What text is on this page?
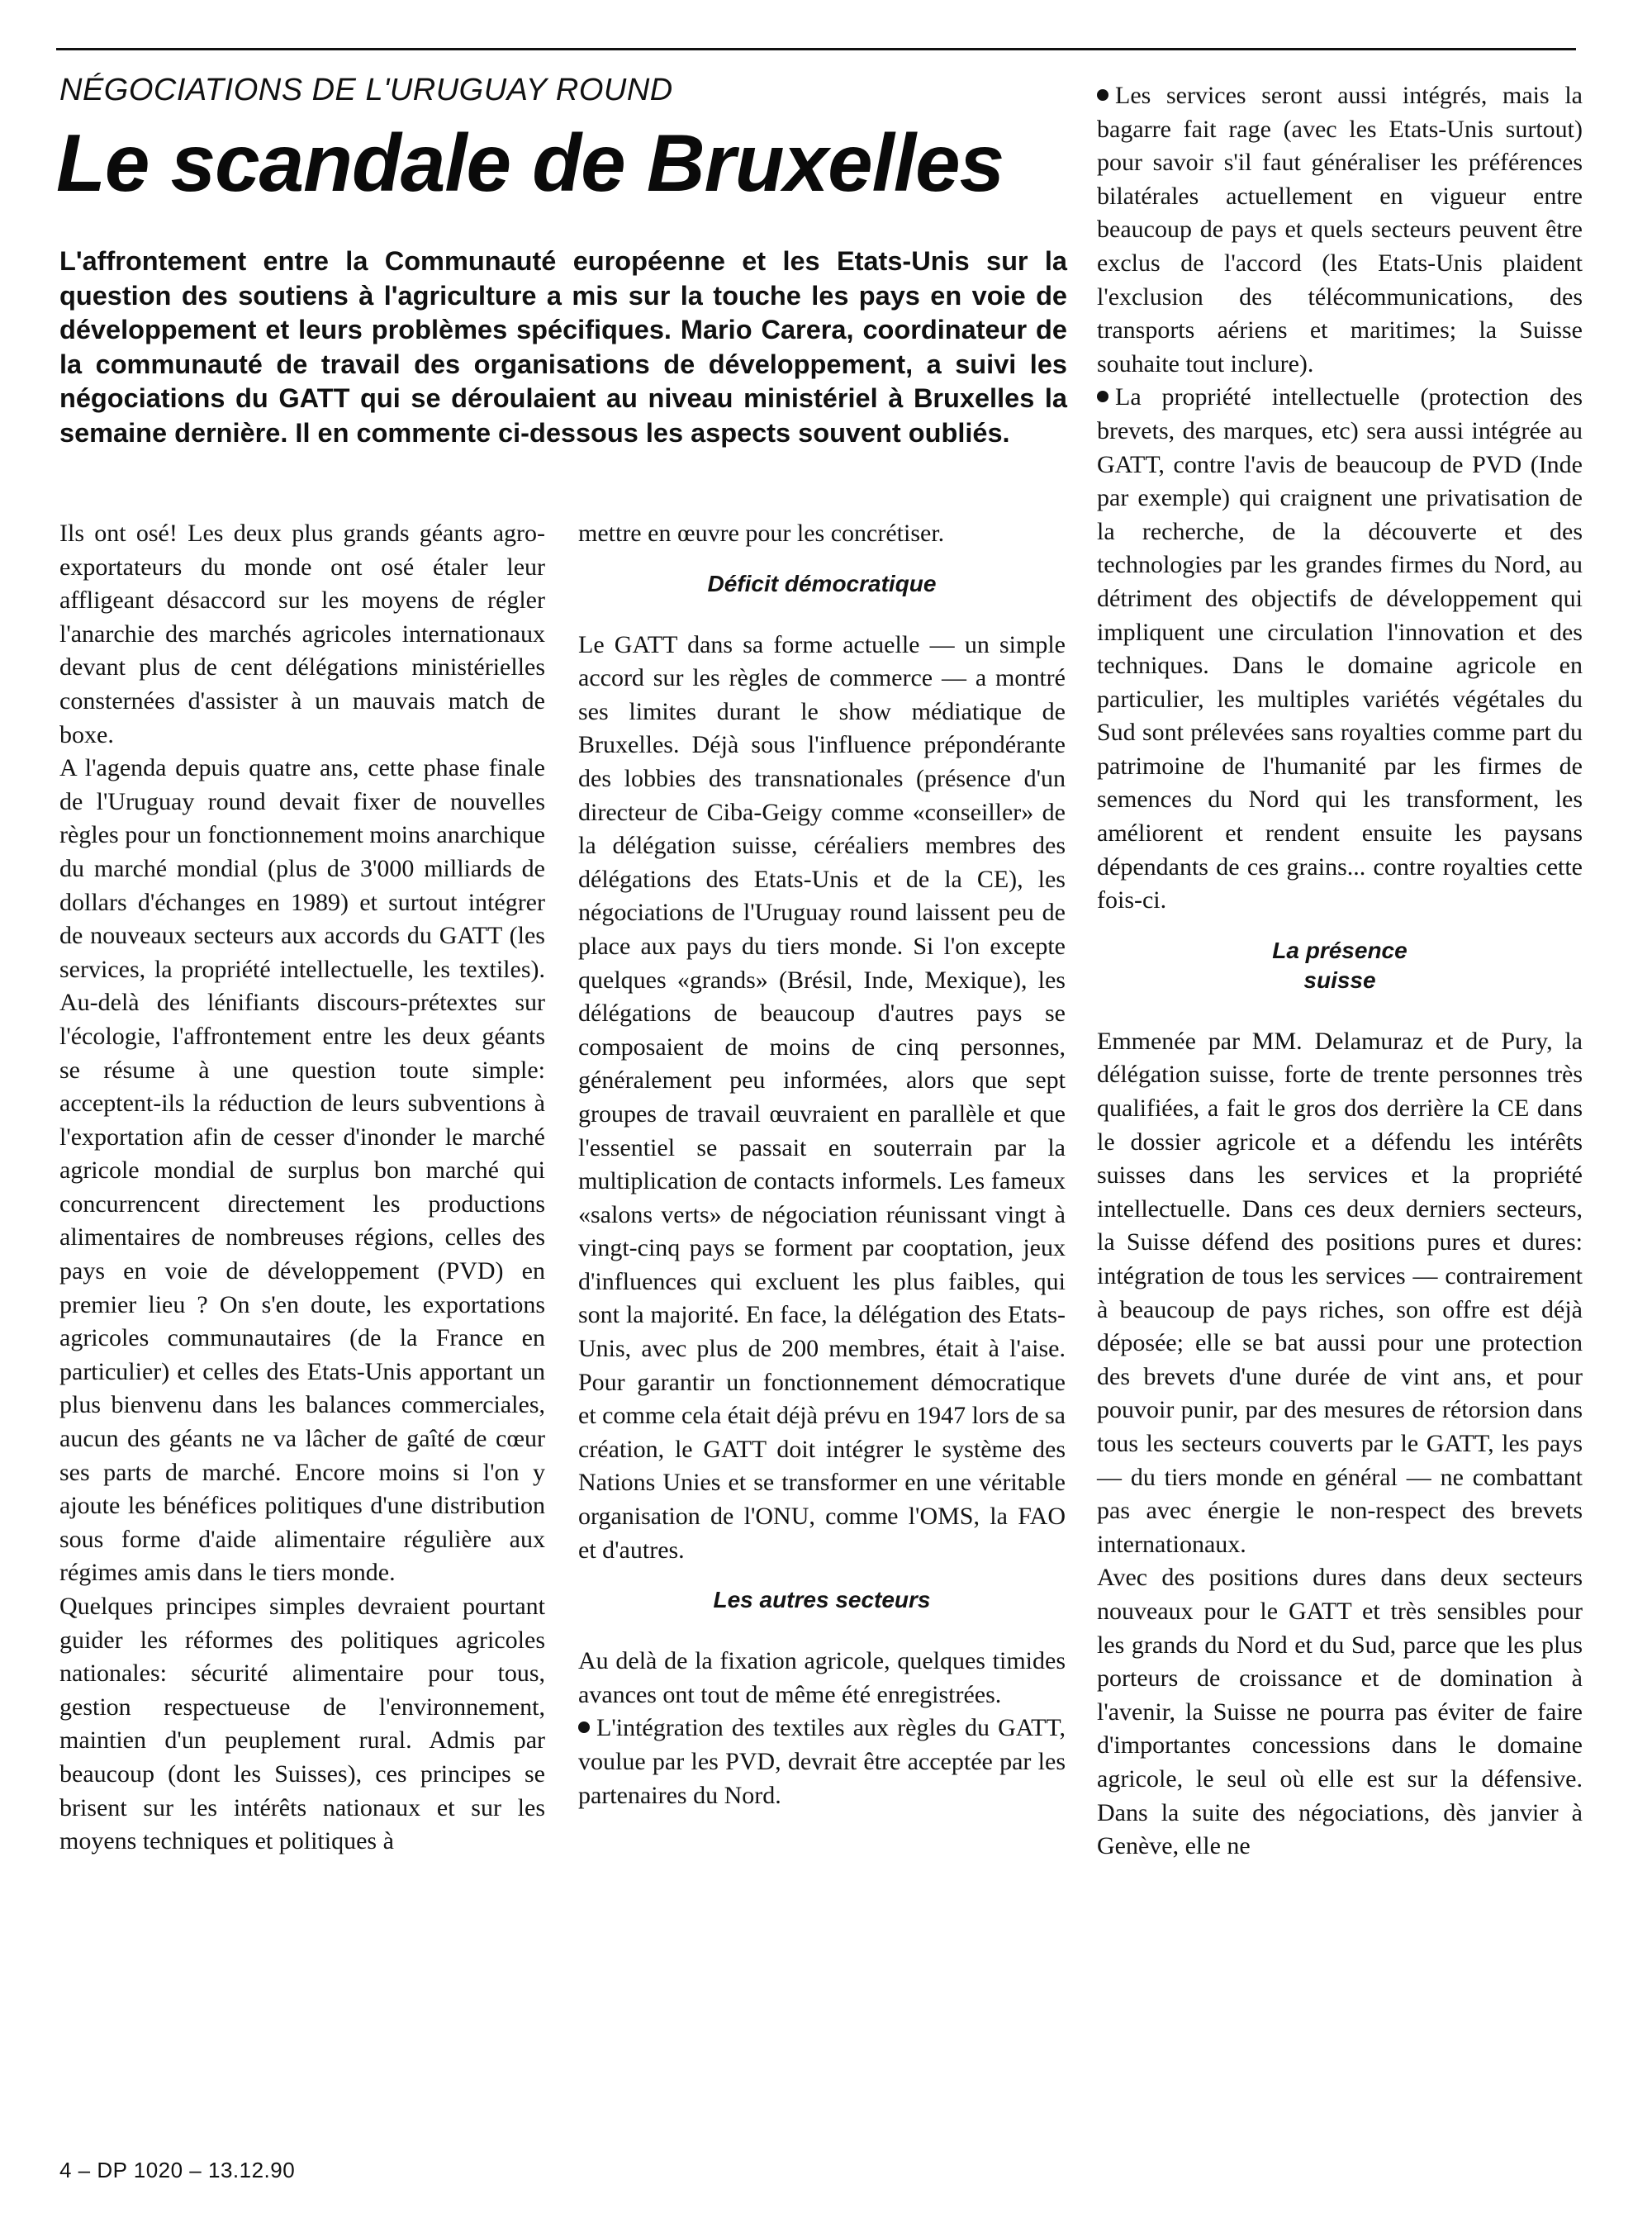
NÉGOCIATIONS DE L'URUGUAY ROUND
Le scandale de Bruxelles
L'affrontement entre la Communauté européenne et les Etats-Unis sur la question des soutiens à l'agriculture a mis sur la touche les pays en voie de développement et leurs problèmes spécifiques. Mario Carera, coordinateur de la communauté de travail des organisations de développement, a suivi les négociations du GATT qui se déroulaient au niveau ministériel à Bruxelles la semaine dernière. Il en commente ci-dessous les aspects souvent oubliés.

Ils ont osé! Les deux plus grands géants agro-exportateurs du monde ont osé étaler leur affligeant désaccord sur les moyens de régler l'anarchie des marchés agricoles internationaux devant plus de cent délégations ministérielles consternées d'assister à un mauvais match de boxe.

A l'agenda depuis quatre ans, cette phase finale de l'Uruguay round devait fixer de nouvelles règles pour un fonctionnement moins anarchique du marché mondial (plus de 3'000 milliards de dollars d'échanges en 1989) et surtout intégrer de nouveaux secteurs aux accords du GATT (les services, la propriété intellectuelle, les textiles). Au-delà des lénifiants discours-prétextes sur l'écologie, l'affrontement entre les deux géants se résume à une question toute simple: acceptent-ils la réduction de leurs subventions à l'exportation afin de cesser d'inonder le marché agricole mondial de surplus bon marché qui concurrencent directement les productions alimentaires de nombreuses régions, celles des pays en voie de développement (PVD) en premier lieu ? On s'en doute, les exportations agricoles communautaires (de la France en particulier) et celles des Etats-Unis apportant un plus bienvenu dans les balances commerciales, aucun des géants ne va lâcher de gaîté de cœur ses parts de marché. Encore moins si l'on y ajoute les bénéfices politiques d'une distribution sous forme d'aide alimentaire régulière aux régimes amis dans le tiers monde.

Quelques principes simples devraient pourtant guider les réformes des politiques agricoles nationales: sécurité alimentaire pour tous, gestion respectueuse de l'environnement, maintien d'un peuplement rural. Admis par beaucoup (dont les Suisses), ces principes se brisent sur les intérêts nationaux et sur les moyens techniques et politiques à

mettre en œuvre pour les concrétiser.

Déficit démocratique

Le GATT dans sa forme actuelle — un simple accord sur les règles de commerce — a montré ses limites durant le show médiatique de Bruxelles. Déjà sous l'influence prépondérante des lobbies des transnationales (présence d'un directeur de Ciba-Geigy comme «conseiller» de la délégation suisse, céréaliers membres des délégations des Etats-Unis et de la CE), les négociations de l'Uruguay round laissent peu de place aux pays du tiers monde. Si l'on excepte quelques «grands» (Brésil, Inde, Mexique), les délégations de beaucoup d'autres pays se composaient de moins de cinq personnes, généralement peu informées, alors que sept groupes de travail œuvraient en parallèle et que l'essentiel se passait en souterrain par la multiplication de contacts informels. Les fameux «salons verts» de négociation réunissant vingt à vingt-cinq pays se forment par cooptation, jeux d'influences qui excluent les plus faibles, qui sont la majorité. En face, la délégation des Etats-Unis, avec plus de 200 membres, était à l'aise. Pour garantir un fonctionnement démocratique et comme cela était déjà prévu en 1947 lors de sa création, le GATT doit intégrer le système des Nations Unies et se transformer en une véritable organisation de l'ONU, comme l'OMS, la FAO et d'autres.

Les autres secteurs

Au delà de la fixation agricole, quelques timides avances ont tout de même été enregistrées.

L'intégration des textiles aux règles du GATT, voulue par les PVD, devrait être acceptée par les partenaires du Nord.

Les services seront aussi intégrés, mais la bagarre fait rage (avec les Etats-Unis surtout) pour savoir s'il faut généraliser les préférences bilatérales actuellement en vigueur entre beaucoup de pays et quels secteurs peuvent être exclus de l'accord (les Etats-Unis plaident l'exclusion des télécommunications, des transports aériens et maritimes; la Suisse souhaite tout inclure).

La propriété intellectuelle (protection des brevets, des marques, etc) sera aussi intégrée au GATT, contre l'avis de beaucoup de PVD (Inde par exemple) qui craignent une privatisation de la recherche, de la découverte et des technologies par les grandes firmes du Nord, au détriment des objectifs de développement qui impliquent une circulation l'innovation et des techniques. Dans le domaine agricole en particulier, les multiples variétés végétales du Sud sont prélevées sans royalties comme part du patrimoine de l'humanité par les firmes de semences du Nord qui les transforment, les améliorent et rendent ensuite les paysans dépendants de ces grains... contre royalties cette fois-ci.

La présence
suisse

Emmenée par MM. Delamuraz et de Pury, la délégation suisse, forte de trente personnes très qualifiées, a fait le gros dos derrière la CE dans le dossier agricole et a défendu les intérêts suisses dans les services et la propriété intellectuelle. Dans ces deux derniers secteurs, la Suisse défend des positions pures et dures: intégration de tous les services — contrairement à beaucoup de pays riches, son offre est déjà déposée; elle se bat aussi pour une protection des brevets d'une durée de vint ans, et pour pouvoir punir, par des mesures de rétorsion dans tous les secteurs couverts par le GATT, les pays — du tiers monde en général — ne combattant pas avec énergie le non-respect des brevets internationaux.

Avec des positions dures dans deux secteurs nouveaux pour le GATT et très sensibles pour les grands du Nord et du Sud, parce que les plus porteurs de croissance et de domination à l'avenir, la Suisse ne pourra pas éviter de faire d'importantes concessions dans le domaine agricole, le seul où elle est sur la défensive. Dans la suite des négociations, dès janvier à Genève, elle ne

4 – DP 1020 – 13.12.90
